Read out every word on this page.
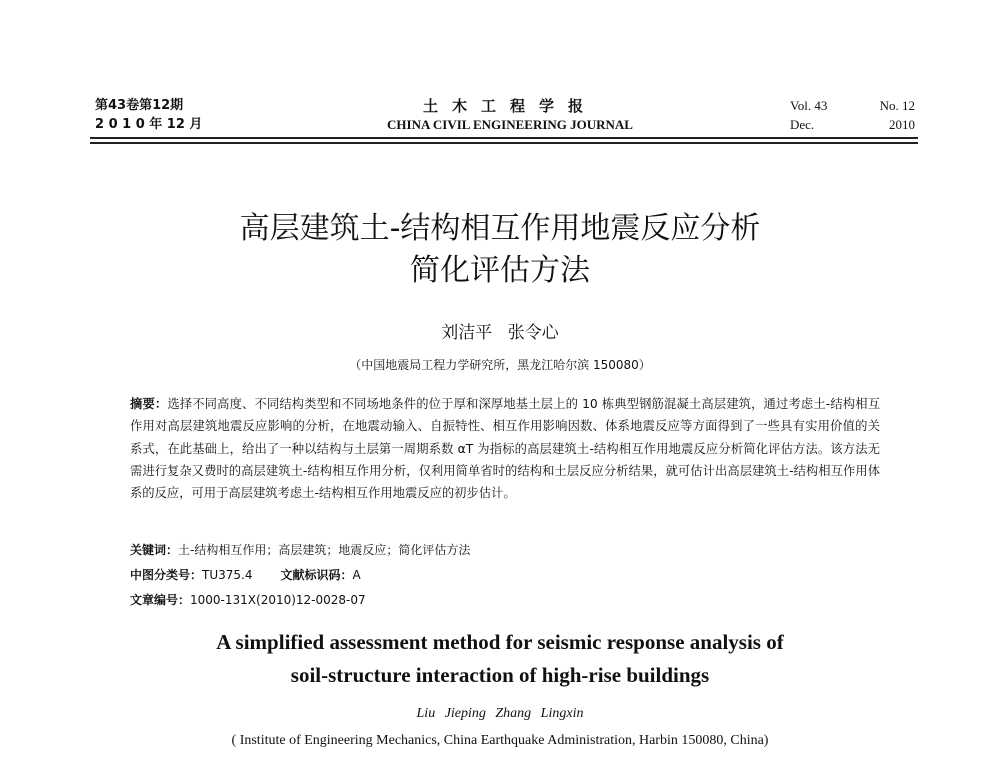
第43卷第12期
2 0 1 0 年 12 月
土木工程学报
CHINA CIVIL ENGINEERING JOURNAL
Vol. 43	No. 12
Dec.	2010
高层建筑土-结构相互作用地震反应分析
简化评估方法
刘洁平 张令心
（中国地震局工程力学研究所，黑龙江哈尔滨 150080）
摘要：选择不同高度、不同结构类型和不同场地条件的位于厚和深厚地基土层上的 10 栋典型钢筋混凝土高层建筑，通过考虑土-结构相互作用对高层建筑地震反应影响的分析，在地震动输入、自振特性、相互作用影响因数、体系地震反应等方面得到了一些具有实用价值的关系式，在此基础上，给出了一种以结构与土层第一周期系数 αT 为指标的高层建筑土-结构相互作用地震反应分析简化评估方法。该方法无需进行复杂又费时的高层建筑土-结构相互作用分析，仅利用简单省时的结构和土层反应分析结果，就可估计出高层建筑土-结构相互作用体系的反应，可用于高层建筑考虑土-结构相互作用地震反应的初步估计。
关键词：土-结构相互作用；高层建筑；地震反应；简化评估方法
中图分类号：TU375.4 文献标识码：A
文章编号：1000-131X(2010)12-0028-07
A simplified assessment method for seismic response analysis of
soil-structure interaction of high-rise buildings
Liu Jieping Zhang Lingxin
( Institute of Engineering Mechanics, China Earthquake Administration, Harbin 150080, China)
